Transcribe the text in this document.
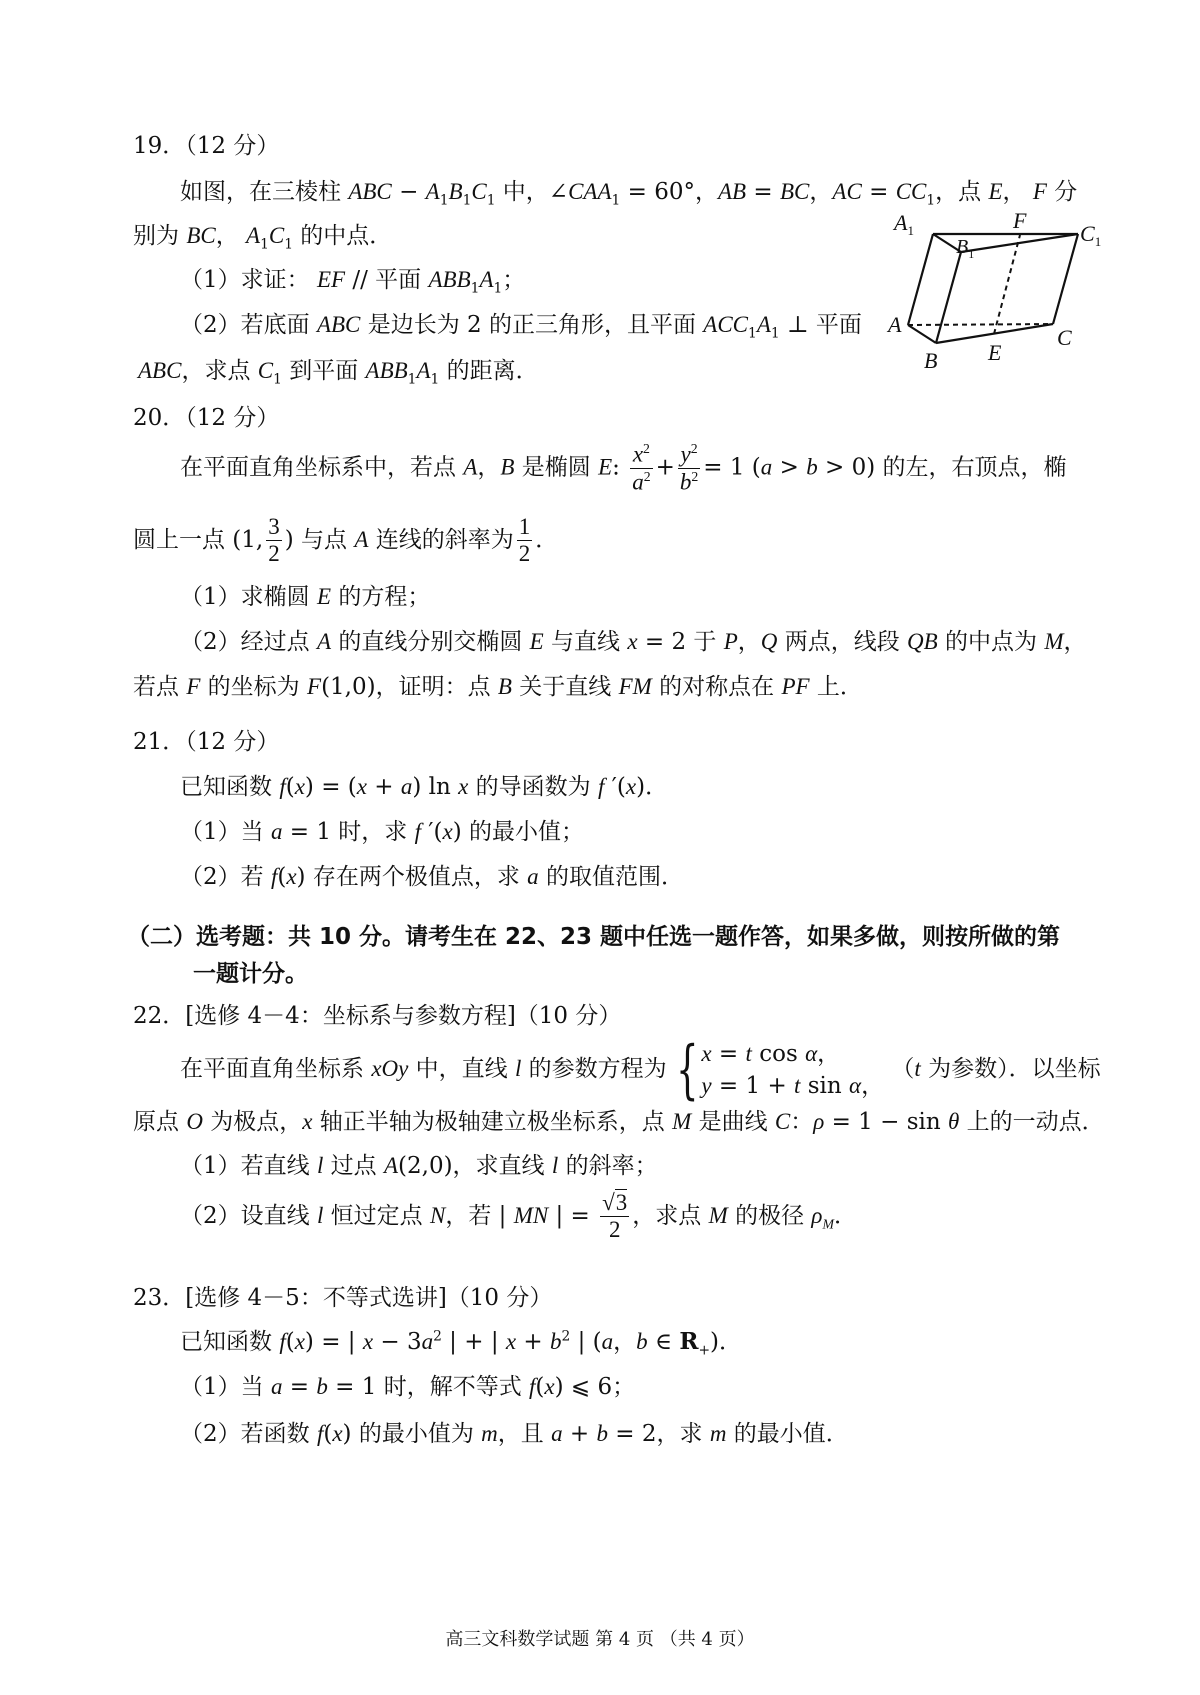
19．（12 分）
如图，在三棱柱 ABC − $A_1B_1C_1$ 中，$\angle CAA_1 = 60^\circ$，AB = BC，AC = $CC_1$，点 E， F 分
别为 BC， $A_1C_1$ 的中点．
（1）求证： EF // 平面 $ABB_1A_1$；
（2）若底面 ABC 是边长为 2 的正三角形，且平面 $ACC_1A_1$ ⊥ 平面
ABC，求点 $C_1$ 到平面 $ABB_1A_1$ 的距离．
$A_1$	F
$C_1$
$B_1$
A
B E
C
20．（12 分）
在平面直角坐标系中，若点 A，B 是椭圆 E: $\frac{x^2}{a^2} + \frac{y^2}{b^2} = 1$ (a > b > 0) 的左，右顶点，椭
圆上一点 (1, $\frac{3}{2}$ ) 与点 A 连线的斜率为 $\frac{1}{2}$ ．
（1）求椭圆 E 的方程；
（2）经过点 A 的直线分别交椭圆 E 与直线 x = 2 于 P，Q 两点，线段 QB 的中点为 M，
若点 F 的坐标为 F(1,0)，证明：点 B 关于直线 FM 的对称点在 PF 上．
21．（12 分）
已知函数 f(x) = (x + a) ln x 的导函数为 f ′(x)．
（1）当 a = 1 时，求 f ′(x) 的最小值；
（2）若 f(x) 存在两个极值点，求 a 的取值范围．
（二）选考题：共 10 分。请考生在 22、23 题中任选一题作答，如果多做，则按所做的第
一题计分。
22．[选修 4－4：坐标系与参数方程]（10 分）
在平面直角坐标系 xOy 中，直线 l 的参数方程为 { x = t cos α，
y = 1 + t sin α，
（t 为参数）．以坐标
原点 O 为极点，x 轴正半轴为极轴建立极坐标系，点 M 是曲线 C：ρ = 1 − sin θ 上的一动点．
（1）若直线 l 过点 A(2,0)，求直线 l 的斜率；
（2）设直线 l 恒过定点 N，若 | MN | = $\frac{√3}{2}$ ，求点 M 的极径 $\rho_M$．
23．[选修 4－5：不等式选讲]（10 分）
已知函数 f(x) = | $x - 3a^2$ | + | $x + b^2$ | (a，b ∈ $R_+$)．
（1）当 a = b = 1 时，解不等式 f(x) ⩽ 6；
（2）若函数 f(x) 的最小值为 m，且 a + b = 2，求 m 的最小值．
高三文科数学试题 第 4 页 （共 4 页）
